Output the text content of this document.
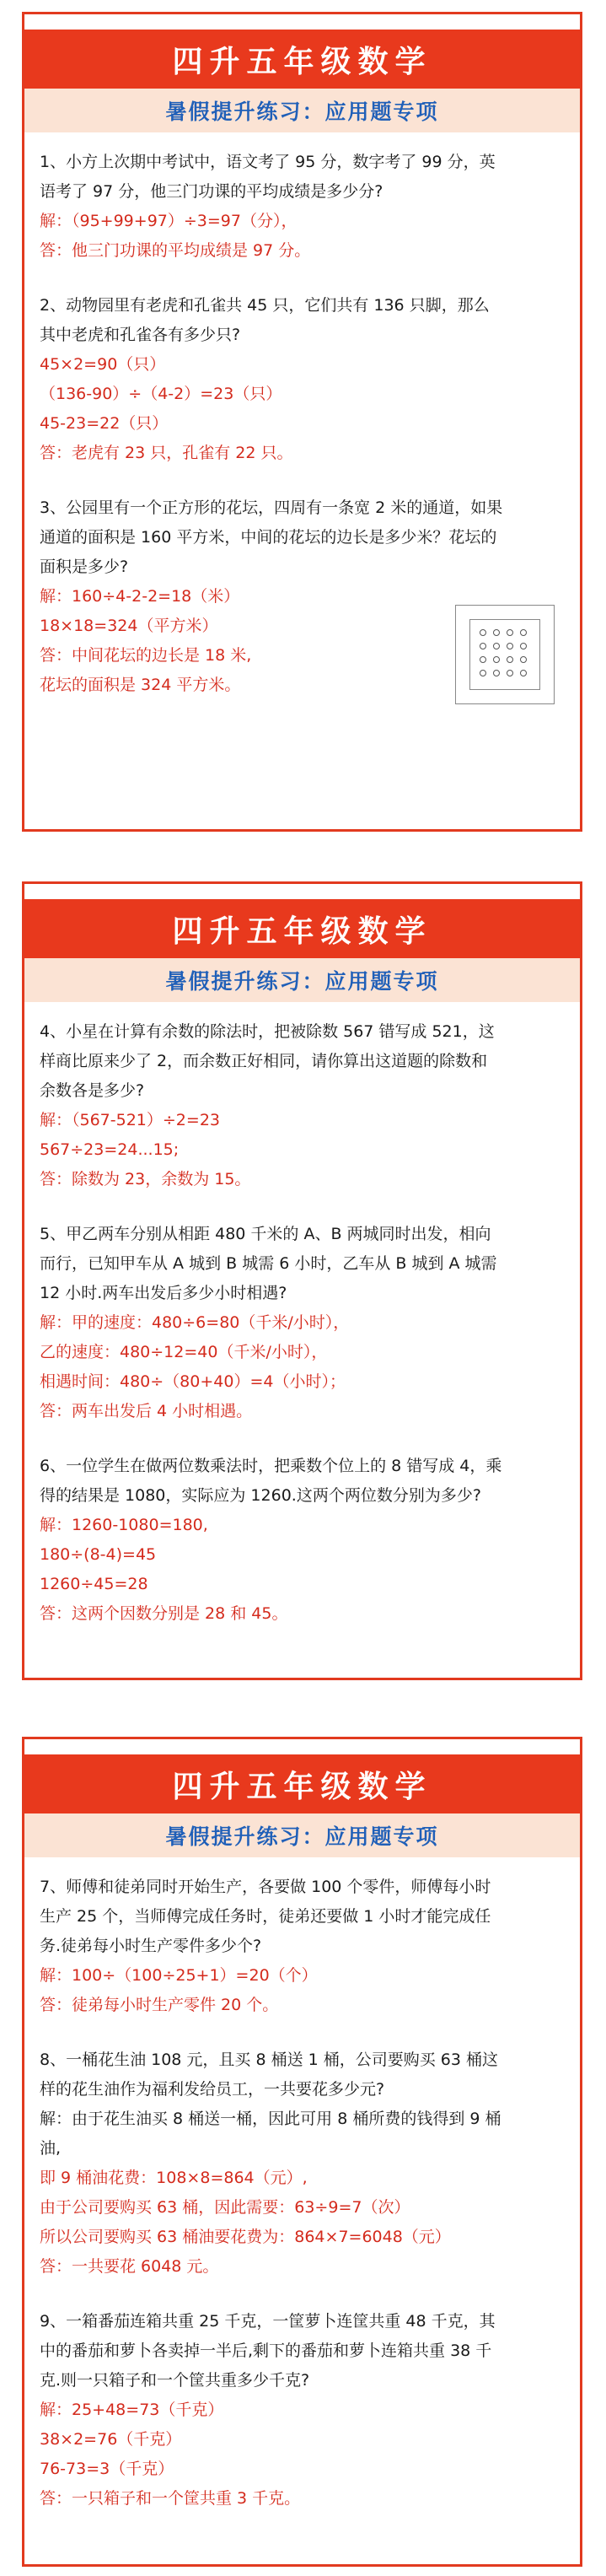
四升五年级数学
暑假提升练习：应用题专项

1、小方上次期中考试中，语文考了 95 分，数字考了 99 分，英

语考了 97 分，他三门功课的平均成绩是多少分?

解：（95+99+97）÷3=97（分），

答：他三门功课的平均成绩是 97 分。

2、动物园里有老虎和孔雀共 45 只，它们共有 136 只脚，那么

其中老虎和孔雀各有多少只?

45×2=90（只）

（136-90）÷（4-2）=23（只）

45-23=22（只）

答：老虎有 23 只，孔雀有 22 只。

3、公园里有一个正方形的花坛，四周有一条宽 2 米的通道，如果

通道的面积是 160 平方米，中间的花坛的边长是多少米？花坛的

面积是多少?

解：160÷4-2-2=18（米）

18×18=324（平方米）

答：中间花坛的边长是 18 米,

花坛的面积是 324 平方米。

四升五年级数学
暑假提升练习：应用题专项

4、小星在计算有余数的除法时，把被除数 567 错写成 521，这

样商比原来少了 2，而余数正好相同，请你算出这道题的除数和

余数各是多少?

解：（567-521）÷2=23

567÷23=24...15;

答：除数为 23，余数为 15。

5、甲乙两车分别从相距 480 千米的 A、B 两城同时出发，相向

而行，已知甲车从 A 城到 B 城需 6 小时，乙车从 B 城到 A 城需

12 小时.两车出发后多少小时相遇?

解：甲的速度：480÷6=80（千米/小时），

乙的速度：480÷12=40（千米/小时），

相遇时间：480÷（80+40）=4（小时）；

答：两车出发后 4 小时相遇。

6、一位学生在做两位数乘法时，把乘数个位上的 8 错写成 4，乘

得的结果是 1080，实际应为 1260.这两个两位数分别为多少?

解：1260-1080=180,

180÷(8-4)=45

1260÷45=28

答：这两个因数分别是 28 和 45。

四升五年级数学
暑假提升练习：应用题专项

7、师傅和徒弟同时开始生产，各要做 100 个零件，师傅每小时

生产 25 个，当师傅完成任务时，徒弟还要做 1 小时才能完成任

务.徒弟每小时生产零件多少个?

解：100÷（100÷25+1）=20（个）

答：徒弟每小时生产零件 20 个。

8、一桶花生油 108 元，且买 8 桶送 1 桶，公司要购买 63 桶这

样的花生油作为福利发给员工，一共要花多少元?

解：由于花生油买 8 桶送一桶，因此可用 8 桶所费的钱得到 9 桶

油,

即 9 桶油花费：108×8=864（元）,

由于公司要购买 63 桶，因此需要：63÷9=7（次）

所以公司要购买 63 桶油要花费为：864×7=6048（元）

答：一共要花 6048 元。

9、一箱番茄连箱共重 25 千克，一筐萝卜连筐共重 48 千克，其

中的番茄和萝卜各卖掉一半后,剩下的番茄和萝卜连箱共重 38 千

克.则一只箱子和一个筐共重多少千克?

解：25+48=73（千克）

38×2=76（千克）

76-73=3（千克）

答：一只箱子和一个筐共重 3 千克。
